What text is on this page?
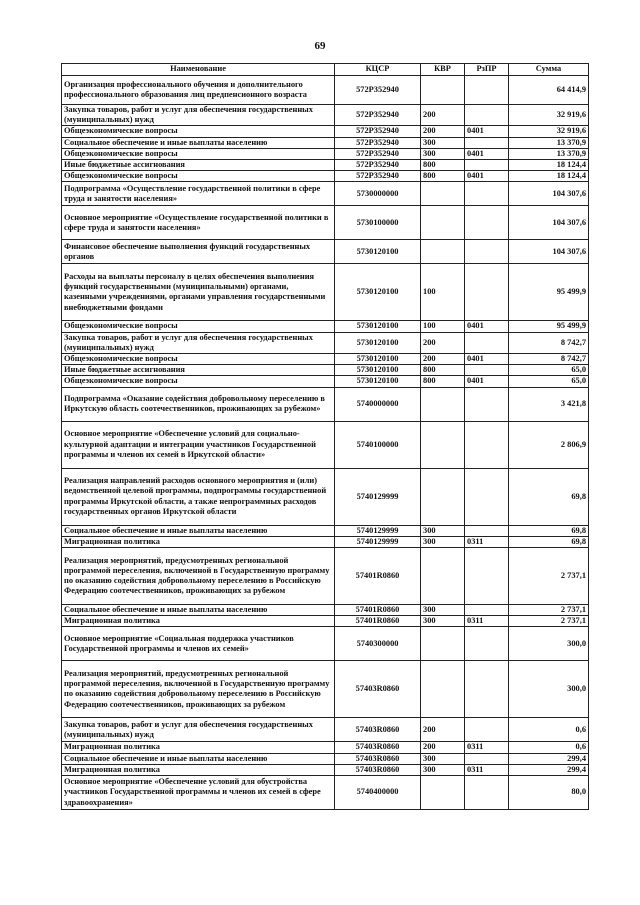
69
Наименование	КЦСР	КВР	РзПР	Сумма
Организация профессионального обучения и дополнительного профессионального образования лиц предпенсионного возраста	572P352940			64 414,9
Закупка товаров, работ и услуг для обеспечения государственных (муниципальных) нужд	572P352940	200		32 919,6
Общеэкономические вопросы	572P352940	200	0401	32 919,6
Социальное обеспечение и иные выплаты населению	572P352940	300		13 370,9
Общеэкономические вопросы	572P352940	300	0401	13 370,9
Иные бюджетные ассигнования	572P352940	800		18 124,4
Общеэкономические вопросы	572P352940	800	0401	18 124,4
Подпрограмма «Осуществление государственной политики в сфере труда и занятости населения»	5730000000			104 307,6
Основное мероприятие «Осуществление государственной политики в сфере труда и занятости населения»	5730100000			104 307,6
Финансовое обеспечение выполнения функций государственных органов	5730120100			104 307,6
Расходы на выплаты персоналу в целях обеспечения выполнения функций государственными (муниципальными) органами, казенными учреждениями, органами управления государственными внебюджетными фондами	5730120100	100		95 499,9
Общеэкономические вопросы	5730120100	100	0401	95 499,9
Закупка товаров, работ и услуг для обеспечения государственных (муниципальных) нужд	5730120100	200		8 742,7
Общеэкономические вопросы	5730120100	200	0401	8 742,7
Иные бюджетные ассигнования	5730120100	800		65,0
Общеэкономические вопросы	5730120100	800	0401	65,0
Подпрограмма «Оказание содействия добровольному переселению в Иркутскую область соотечественников, проживающих за рубежом»	5740000000			3 421,8
Основное мероприятие «Обеспечение условий для социально-культурной адаптации и интеграции участников Государственной программы и членов их семей в Иркутской области»	5740100000			2 806,9
Реализация направлений расходов основного мероприятия и (или) ведомственной целевой программы, подпрограммы государственной программы Иркутской области, а также непрограммных расходов государственных органов Иркутской области	5740129999			69,8
Социальное обеспечение и иные выплаты населению	5740129999	300		69,8
Миграционная политика	5740129999	300	0311	69,8
Реализация мероприятий, предусмотренных региональной программой переселения, включенной в Государственную программу по оказанию содействия добровольному переселению в Российскую Федерацию соотечественников, проживающих за рубежом	57401R0860			2 737,1
Социальное обеспечение и иные выплаты населению	57401R0860	300		2 737,1
Миграционная политика	57401R0860	300	0311	2 737,1
Основное мероприятие «Социальная поддержка участников Государственной программы и членов их семей»	5740300000			300,0
Реализация мероприятий, предусмотренных региональной программой переселения, включенной в Государственную программу по оказанию содействия добровольному переселению в Российскую Федерацию соотечественников, проживающих за рубежом	57403R0860			300,0
Закупка товаров, работ и услуг для обеспечения государственных (муниципальных) нужд	57403R0860	200		0,6
Миграционная политика	57403R0860	200	0311	0,6
Социальное обеспечение и иные выплаты населению	57403R0860	300		299,4
Миграционная политика	57403R0860	300	0311	299,4
Основное мероприятие «Обеспечение условий для обустройства участников Государственной программы и членов их семей в сфере здравоохранения»	5740400000			80,0
